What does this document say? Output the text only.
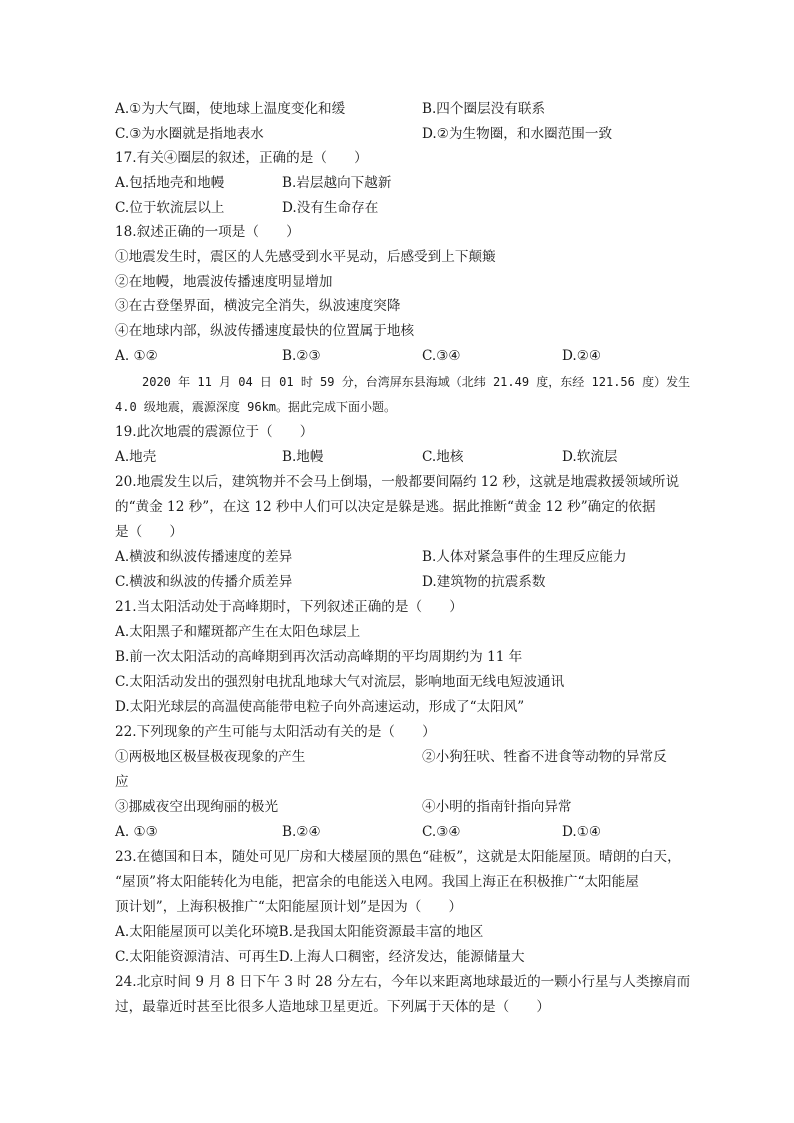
A.①为大气圈，使地球上温度变化和缓	B.四个圈层没有联系
C.③为水圈就是指地表水	D.②为生物圈，和水圈范围一致
17.有关④圈层的叙述，正确的是（　　）
A.包括地壳和地幔	B.岩层越向下越新
C.位于软流层以上	D.没有生命存在
18.叙述正确的一项是（　　）
①地震发生时，震区的人先感受到水平晃动，后感受到上下颠簸
②在地幔，地震波传播速度明显增加
③在古登堡界面，横波完全消失，纵波速度突降
④在地球内部，纵波传播速度最快的位置属于地核
A. ①②	B.②③	C.③④	D.②④
2020 年 11 月 04 日 01 时 59 分，台湾屏东县海域（北纬 21.49 度，东经 121.56 度）发生
4.0 级地震，震源深度 96km。据此完成下面小题。
19.此次地震的震源位于（　　）
A.地壳	B.地幔	C.地核	D.软流层
20.地震发生以后，建筑物并不会马上倒塌，一般都要间隔约 12 秒，这就是地震救援领域所说
的“黄金 12 秒”，在这 12 秒中人们可以决定是躲是逃。据此推断“黄金 12 秒”确定的依据
是（　　）
A.横波和纵波传播速度的差异	B.人体对紧急事件的生理反应能力
C.横波和纵波的传播介质差异	D.建筑物的抗震系数
21.当太阳活动处于高峰期时，下列叙述正确的是（　　）
A.太阳黑子和耀斑都产生在太阳色球层上
B.前一次太阳活动的高峰期到再次活动高峰期的平均周期约为 11 年
C.太阳活动发出的强烈射电扰乱地球大气对流层，影响地面无线电短波通讯
D.太阳光球层的高温使高能带电粒子向外高速运动，形成了“太阳风”
22.下列现象的产生可能与太阳活动有关的是（　　）
①两极地区极昼极夜现象的产生	②小狗狂吠、牲畜不进食等动物的异常反
应
③挪威夜空出现绚丽的极光	④小明的指南针指向异常
A. ①③	B.②④	C.③④	D.①④
23.在德国和日本，随处可见厂房和大楼屋顶的黑色“硅板”，这就是太阳能屋顶。晴朗的白天，
“屋顶”将太阳能转化为电能，把富余的电能送入电网。我国上海正在积极推广“太阳能屋
顶计划”，上海积极推广“太阳能屋顶计划”是因为（　　）
A.太阳能屋顶可以美化环境B.是我国太阳能资源最丰富的地区
C.太阳能资源清洁、可再生D.上海人口稠密，经济发达，能源储量大
24.北京时间 9 月 8 日下午 3 时 28 分左右，今年以来距离地球最近的一颗小行星与人类擦肩而
过，最靠近时甚至比很多人造地球卫星更近。下列属于天体的是（　　）
